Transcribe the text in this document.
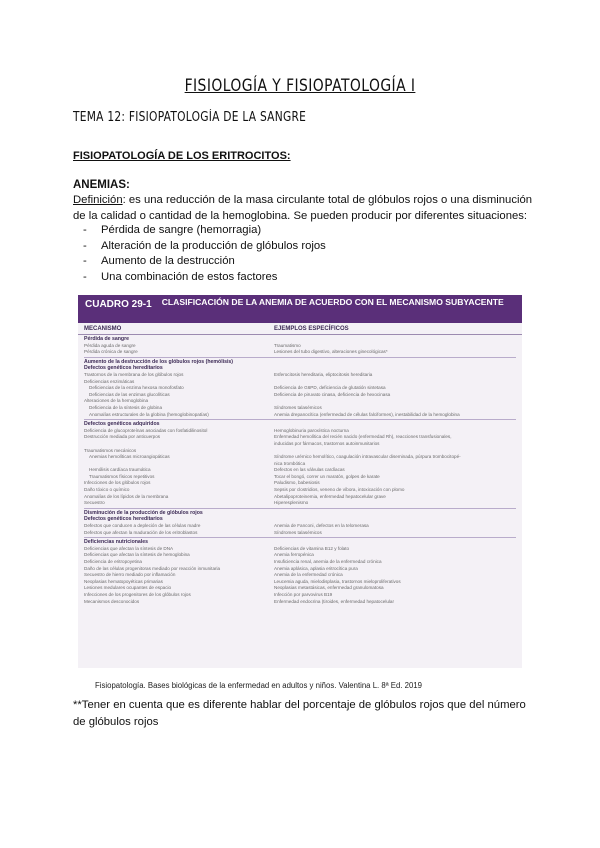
FISIOLOGÍA Y FISIOPATOLOGÍA I
TEMA 12: FISIOPATOLOGÍA DE LA SANGRE
FISIOPATOLOGÍA DE LOS ERITROCITOS:
ANEMIAS:
Definición: es una reducción de la masa circulante total de glóbulos rojos o una disminución de la calidad o cantidad de la hemoglobina. Se pueden producir por diferentes situaciones:
- Pérdida de sangre (hemorragia)
- Alteración de la producción de glóbulos rojos
- Aumento de la destrucción
- Una combinación de estos factores
CUADRO 29-1	CLASIFICACIÓN DE LA ANEMIA DE ACUERDO CON EL MECANISMO SUBYACENTE
MECANISMO	EJEMPLOS ESPECÍFICOS
Pérdida de sangre
Pérdida aguda de sangre	Traumatismo
Pérdida crónica de sangre	Lesiones del tubo digestivo, alteraciones ginecológicas*
Aumento de la destrucción de los glóbulos rojos (hemólisis)
Defectos genéticos hereditarios
Trastornos de la membrana de los glóbulos rojos	Esferocitosis hereditaria, eliptocitosis hereditaria
Deficiencias enzimáticas
Deficiencias de la enzima hexosa monofosfato	Deficiencia de G6PD, deficiencia de glutatión sintetasa
Deficiencias de las enzimas glucolíticas	Deficiencia de piruvato cinasa, deficiencia de hexocinasa
Alteraciones de la hemoglobina
Deficiencia de la síntesis de globina	Síndromes talasémicos
Anomalías estructurales de la globina (hemoglobinopatías)	Anemia drepanocítica (enfermedad de células falciformes), inestabilidad de la hemoglobina
Defectos genéticos adquiridos
Deficiencia de glucoproteínas asociadas con fosfatidilinositol	Hemoglobinuria paroxística nocturna
Destrucción mediada por anticuerpos	Enfermedad hemolítica del recién nacido (enfermedad Rh), reacciones transfusionales,
inducidas por fármacos, trastornos autoinmunitarios
Traumatismos mecánicos
Anemias hemolíticas microangiopáticas	Síndrome urémico hemolítico, coagulación intravascular diseminada, púrpura trombocitopé-
nica trombótica
Hemólisis cardíaca traumática	Defectos en las válvulas cardíacas
Traumatismos físicos repetitivos	Tocar el bongó, correr un maratón, golpes de karate
Infecciones de los glóbulos rojos	Paludismo, babesiosis
Daño tóxico o químico	Sepsis por clostridios, veneno de víbora, intoxicación con plomo
Anomalías de los lípidos de la membrana	Abetalipoproteinemia, enfermedad hepatocelular grave
Secuestro	Hiperesplenismo
Disminución de la producción de glóbulos rojos
Defectos genéticos hereditarios
Defectos que conducen a depleción de las células madre	Anemia de Fanconi, defectos en la telomerasa
Defectos que afectan la maduración de los eritroblastos	Síndromes talasémicos
Deficiencias nutricionales
Deficiencias que afectan la síntesis de DNA	Deficiencias de vitamina B12 y folato
Deficiencias que afectan la síntesis de hemoglobina	Anemia ferropénica
Deficiencia de eritropoyetina	Insuficiencia renal, anemia de la enfermedad crónica
Daño de las células progenitoras mediado por reacción inmunitaria	Anemia aplásica, aplasia eritrocítica pura
Secuestro de hierro mediado por inflamación	Anemia de la enfermedad crónica
Neoplasias hematopoyéticas primarias	Leucemia aguda, mielodisplasia, trastornos mieloproliferativos
Lesiones medulares ocupantes de espacio	Neoplasias metastásicas, enfermedad granulomatosa
Infecciones de los progenitores de los glóbulos rojos	Infección por parvovirus B19
Mecanismos desconocidos	Enfermedad endocrina (tiroides, enfermedad hepatocelular
Fisiopatología. Bases biológicas de la enfermedad en adultos y niños. Valentina L. 8ª Ed. 2019
**Tener en cuenta que es diferente hablar del porcentaje de glóbulos rojos que del número de glóbulos rojos
